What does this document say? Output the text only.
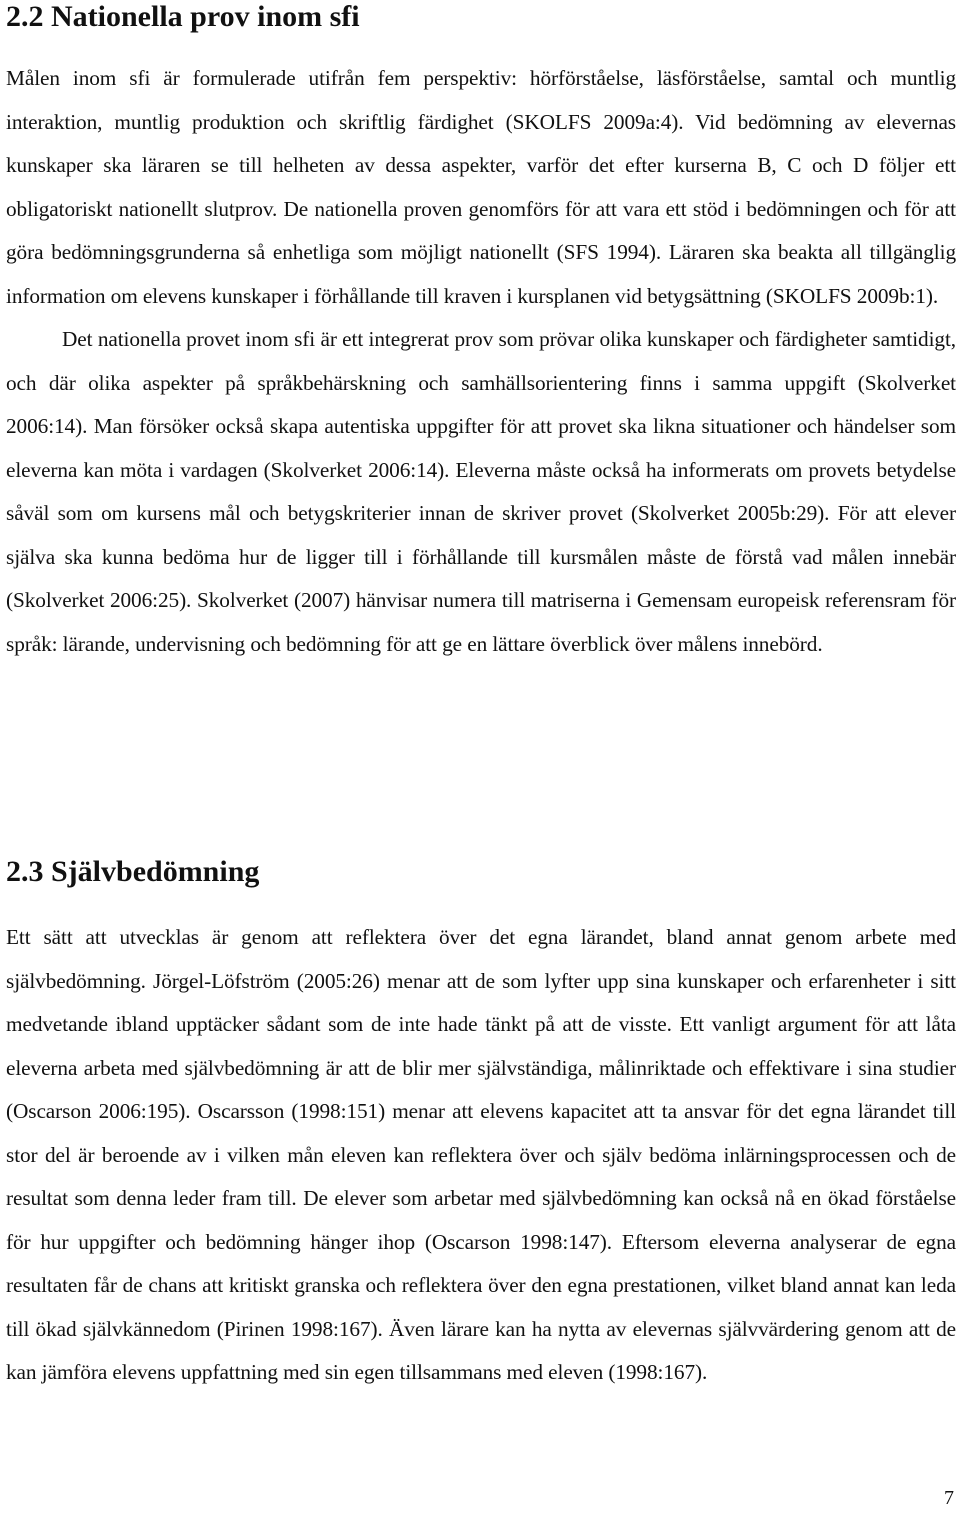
2.2 Nationella prov inom sfi

Målen inom sfi är formulerade utifrån fem perspektiv: hörförståelse, läsförståelse, samtal och muntlig interaktion, muntlig produktion och skriftlig färdighet (SKOLFS 2009a:4). Vid bedömning av elevernas kunskaper ska läraren se till helheten av dessa aspekter, varför det efter kurserna B, C och D följer ett obligatoriskt nationellt slutprov. De nationella proven genomförs för att vara ett stöd i bedömningen och för att göra bedömningsgrunderna så enhetliga som möjligt nationellt (SFS 1994). Läraren ska beakta all tillgänglig information om elevens kunskaper i förhållande till kraven i kursplanen vid betygsättning (SKOLFS 2009b:1).

Det nationella provet inom sfi är ett integrerat prov som prövar olika kunskaper och färdigheter samtidigt, och där olika aspekter på språkbehärskning och samhällsorientering finns i samma uppgift (Skolverket 2006:14). Man försöker också skapa autentiska uppgifter för att provet ska likna situationer och händelser som eleverna kan möta i vardagen (Skolverket 2006:14). Eleverna måste också ha informerats om provets betydelse såväl som om kursens mål och betygskriterier innan de skriver provet (Skolverket 2005b:29). För att elever själva ska kunna bedöma hur de ligger till i förhållande till kursmålen måste de förstå vad målen innebär (Skolverket 2006:25). Skolverket (2007) hänvisar numera till matriserna i Gemensam europeisk referensram för språk: lärande, undervisning och bedömning för att ge en lättare överblick över målens innebörd.

2.3 Självbedömning

Ett sätt att utvecklas är genom att reflektera över det egna lärandet, bland annat genom arbete med självbedömning. Jörgel-Löfström (2005:26) menar att de som lyfter upp sina kunskaper och erfarenheter i sitt medvetande ibland upptäcker sådant som de inte hade tänkt på att de visste. Ett vanligt argument för att låta eleverna arbeta med självbedömning är att de blir mer självständiga, målinriktade och effektivare i sina studier (Oscarson 2006:195). Oscarsson (1998:151) menar att elevens kapacitet att ta ansvar för det egna lärandet till stor del är beroende av i vilken mån eleven kan reflektera över och själv bedöma inlärningsprocessen och de resultat som denna leder fram till. De elever som arbetar med självbedömning kan också nå en ökad förståelse för hur uppgifter och bedömning hänger ihop (Oscarson 1998:147). Eftersom eleverna analyserar de egna resultaten får de chans att kritiskt granska och reflektera över den egna prestationen, vilket bland annat kan leda till ökad självkännedom (Pirinen 1998:167). Även lärare kan ha nytta av elevernas självvärdering genom att de kan jämföra elevens uppfattning med sin egen tillsammans med eleven (1998:167).

7
